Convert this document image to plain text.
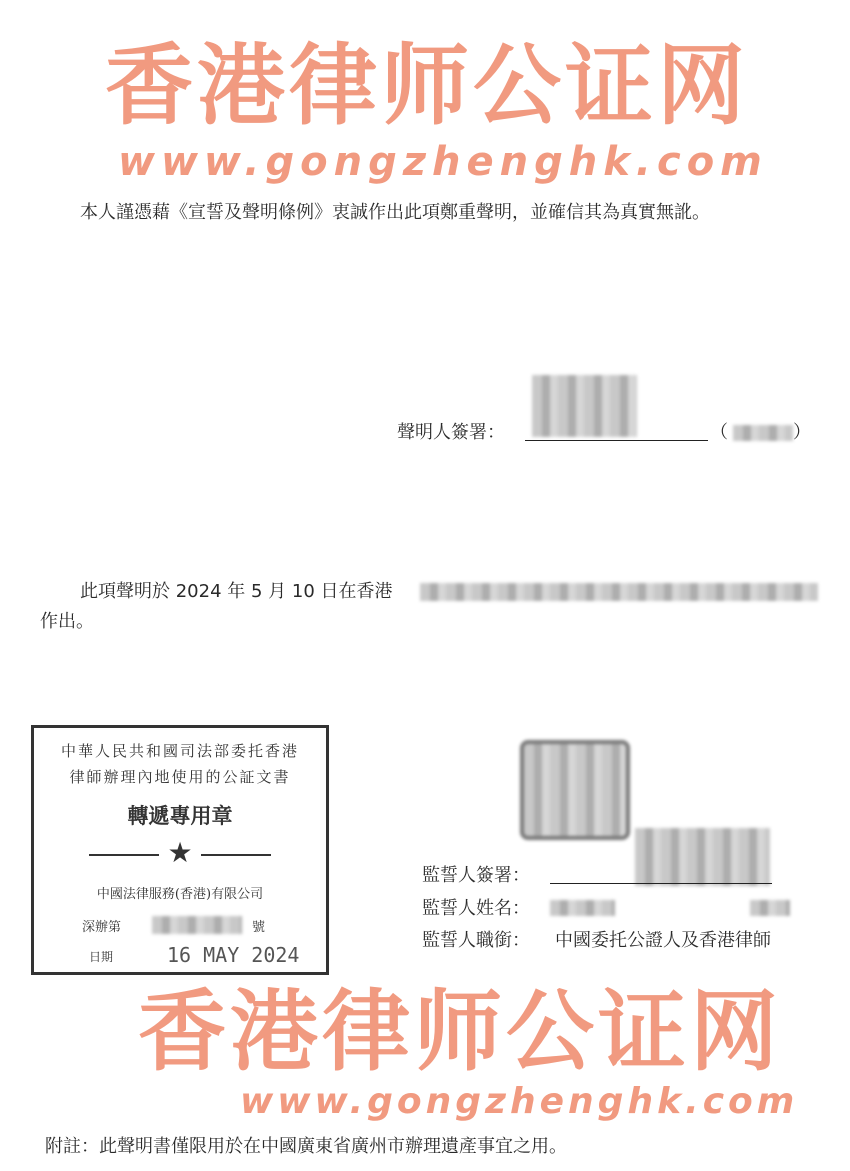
香港律师公证网
www.gongzhenghk.com
本人謹憑藉《宣誓及聲明條例》衷誠作出此項鄭重聲明，並確信其為真實無訛。
聲明人簽署：	（	）
此項聲明於 2024 年 5 月 10 日在香港
作出。
監誓人簽署：
監誓人姓名：
監誓人職銜： 中國委托公證人及香港律師
中華人民共和國司法部委托香港
律師辦理內地使用的公証文書
轉遞專用章
★
中國法律服務(香港)有限公司
深辦第	號
日期	16 MAY 2024
香港律师公证网
www.gongzhenghk.com
附註：此聲明書僅限用於在中國廣東省廣州市辦理遺產事宜之用。
